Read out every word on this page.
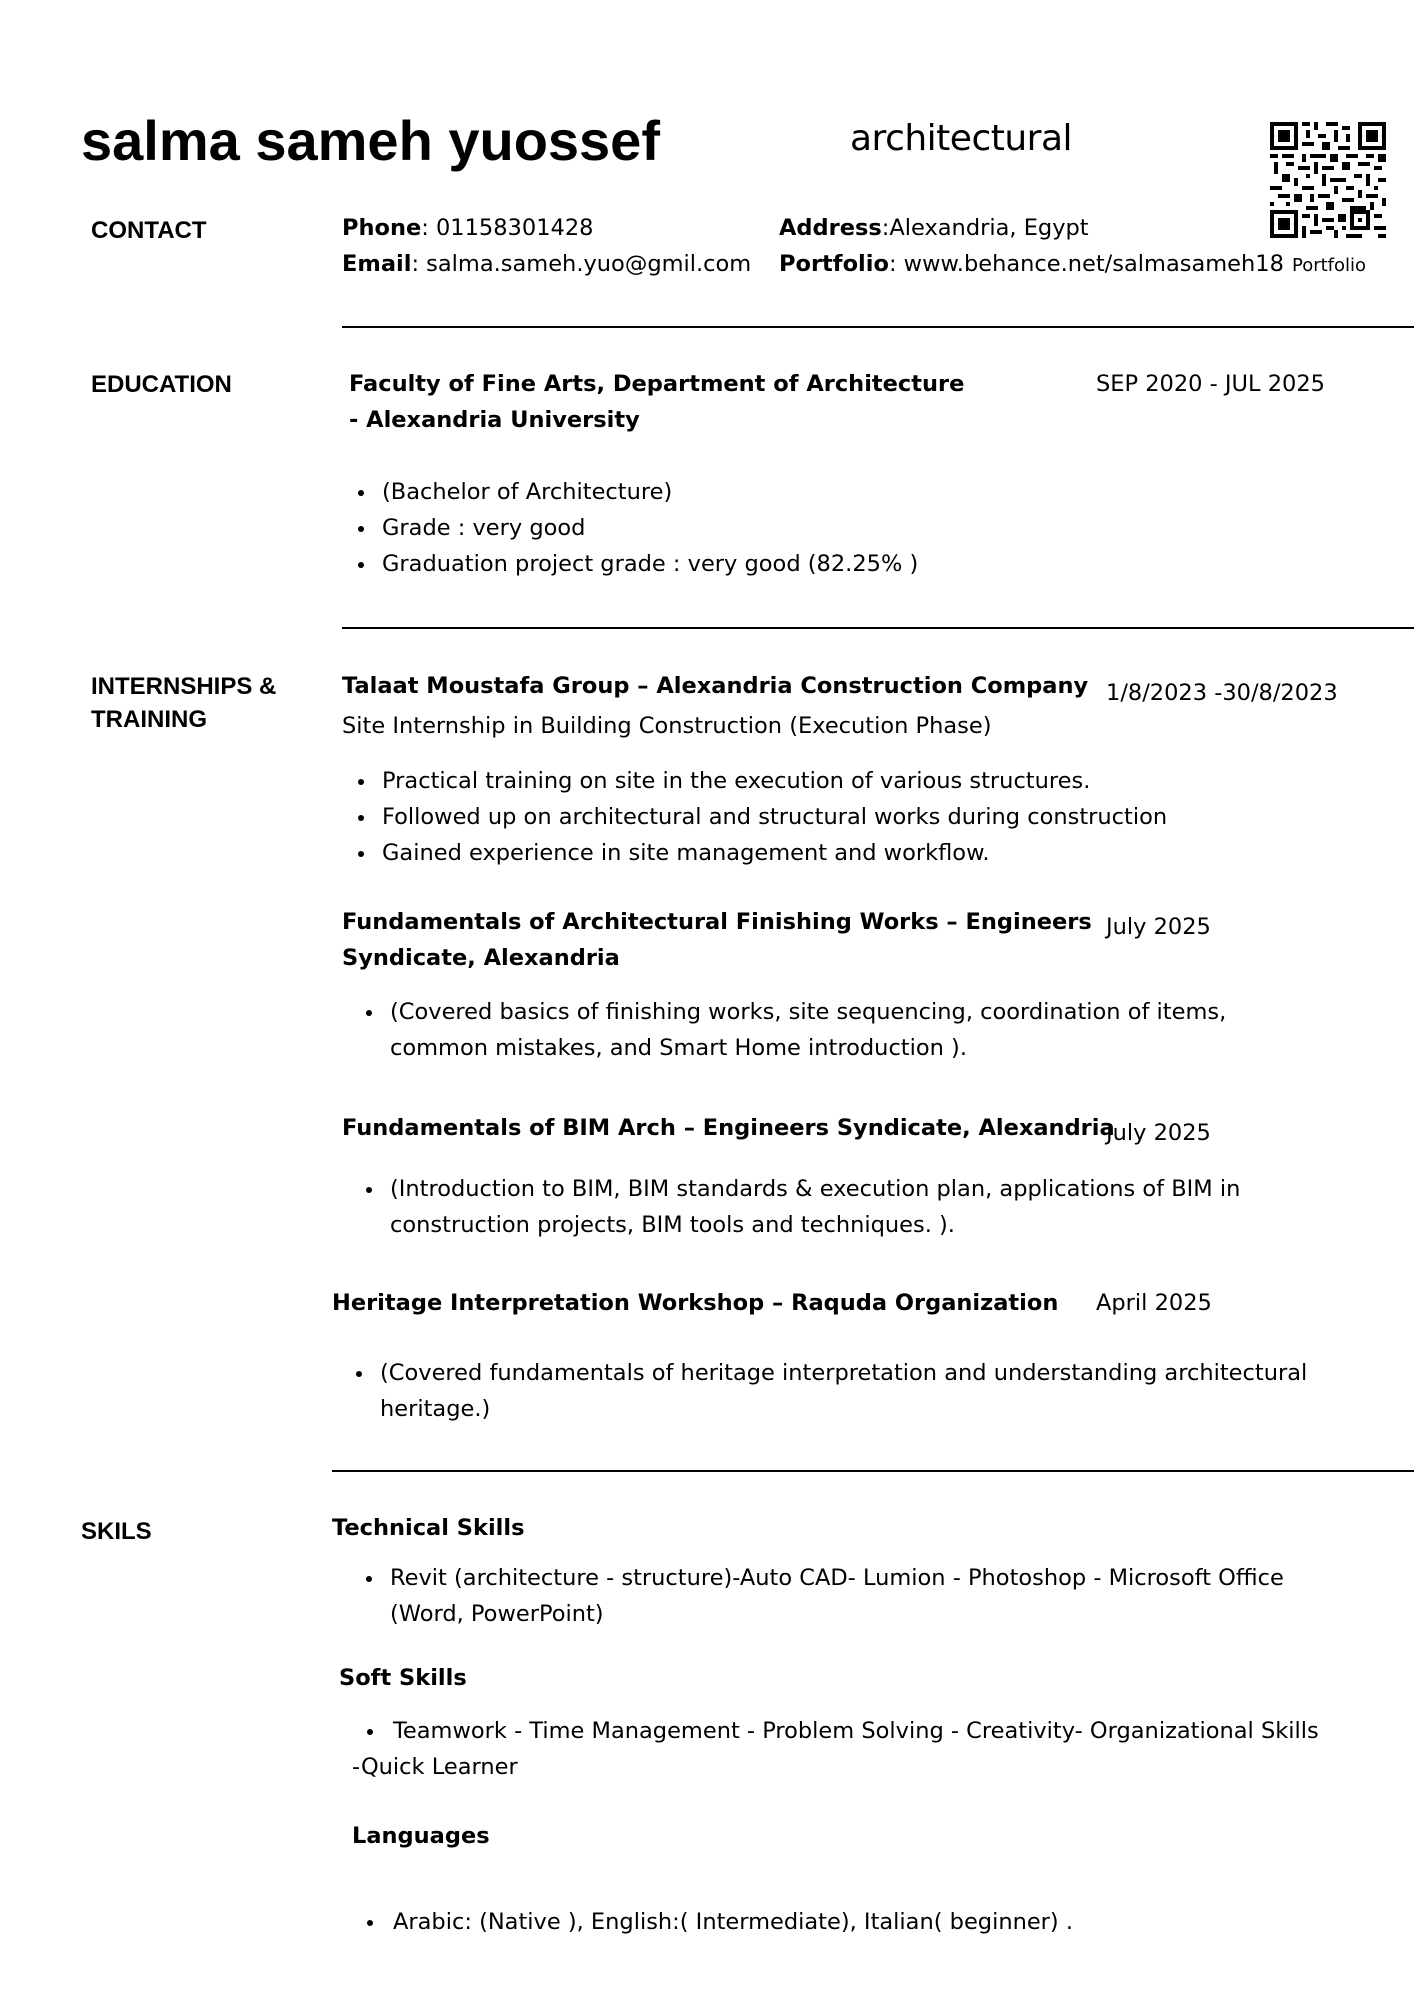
salma sameh yuossef	architectural
Portfolio
CONTACT	Phone: 01158301428
Email: salma.sameh.yuo@gmil.com
Address:Alexandria, Egypt
Portfolio: www.behance.net/salmasameh18
EDUCATION	Faculty of Fine Arts, Department of Architecture
- Alexandria University
SEP 2020 - JUL 2025
(Bachelor of Architecture)
Grade : very good
Graduation project grade : very good (82.25% )
INTERNSHIPS &
TRAINING
Talaat Moustafa Group – Alexandria Construction Company 1/8/2023 -30/8/2023
Site Internship in Building Construction (Execution Phase)
Practical training on site in the execution of various structures.
Followed up on architectural and structural works during construction
Gained experience in site management and workflow.
Fundamentals of Architectural Finishing Works – Engineers
Syndicate, Alexandria
July 2025
(Covered basics of finishing works, site sequencing, coordination of items,
common mistakes, and Smart Home introduction ).
Fundamentals of BIM Arch – Engineers Syndicate, Alexandria
July 2025
(Introduction to BIM, BIM standards & execution plan, applications of BIM in
construction projects, BIM tools and techniques. ).
Heritage Interpretation Workshop – Raquda Organization April 2025
(Covered fundamentals of heritage interpretation and understanding architectural
heritage.)
SKILS	Technical Skills
Revit (architecture - structure)-Auto CAD- Lumion - Photoshop - Microsoft Office
(Word, PowerPoint)
Soft Skills
Teamwork - Time Management - Problem Solving - Creativity- Organizational Skills
-Quick Learner
Languages
Arabic: (Native ), English:( Intermediate), Italian( beginner) .
